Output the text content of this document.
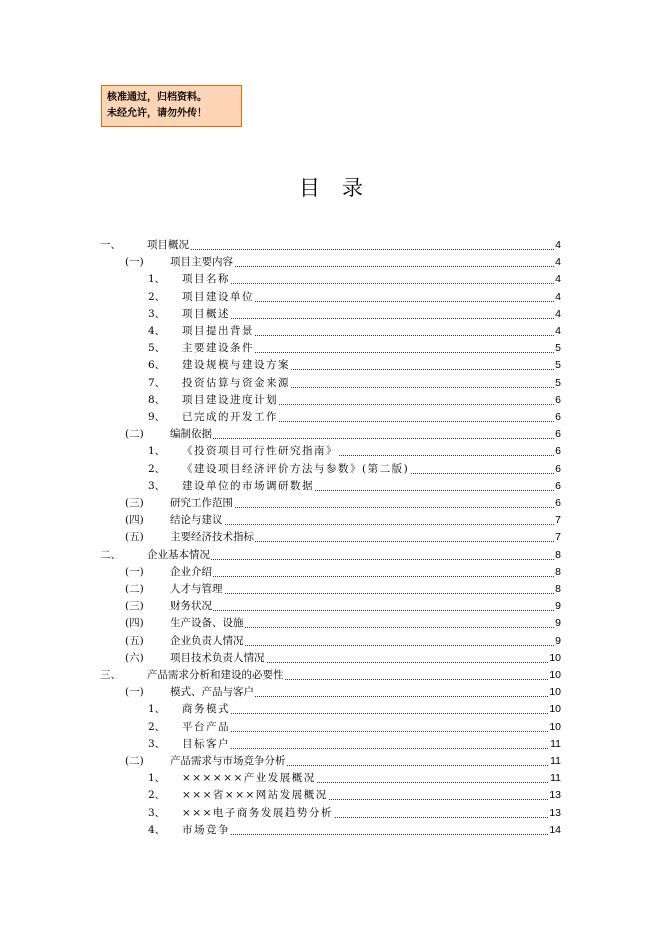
核准通过，归档资料。
未经允许，请勿外传！
目录
一、 项目概况	4
(一)	项目主要内容	4
1、 项目名称	4
2、 项目建设单位	4
3、 项目概述	4
4、 项目提出背景	4
5、 主要建设条件	5
6、 建设规模与建设方案	5
7、 投资估算与资金来源	5
8、 项目建设进度计划	6
9、 已完成的开发工作	6
(二)	编制依据	6
1、 《投资项目可行性研究指南》	6
2、 《建设项目经济评价方法与参数》(第二版)	6
3、 建设单位的市场调研数据	6
(三)	研究工作范围	6
(四)	结论与建议	7
(五)	主要经济技术指标	7
二、 企业基本情况	8
(一)	企业介绍	8
(二)	人才与管理	8
(三)	财务状况	9
(四)	生产设备、设施	9
(五)	企业负责人情况	9
(六)	项目技术负责人情况	10
三、 产品需求分析和建设的必要性	10
(一)	模式、产品与客户	10
1、 商务模式	10
2、 平台产品	10
3、 目标客户	11
(二)	产品需求与市场竞争分析	11
1、 ××××××产业发展概况	11
2、 ×××省×××网站发展概况	13
3、 ×××电子商务发展趋势分析	13
4、 市场竞争	14
